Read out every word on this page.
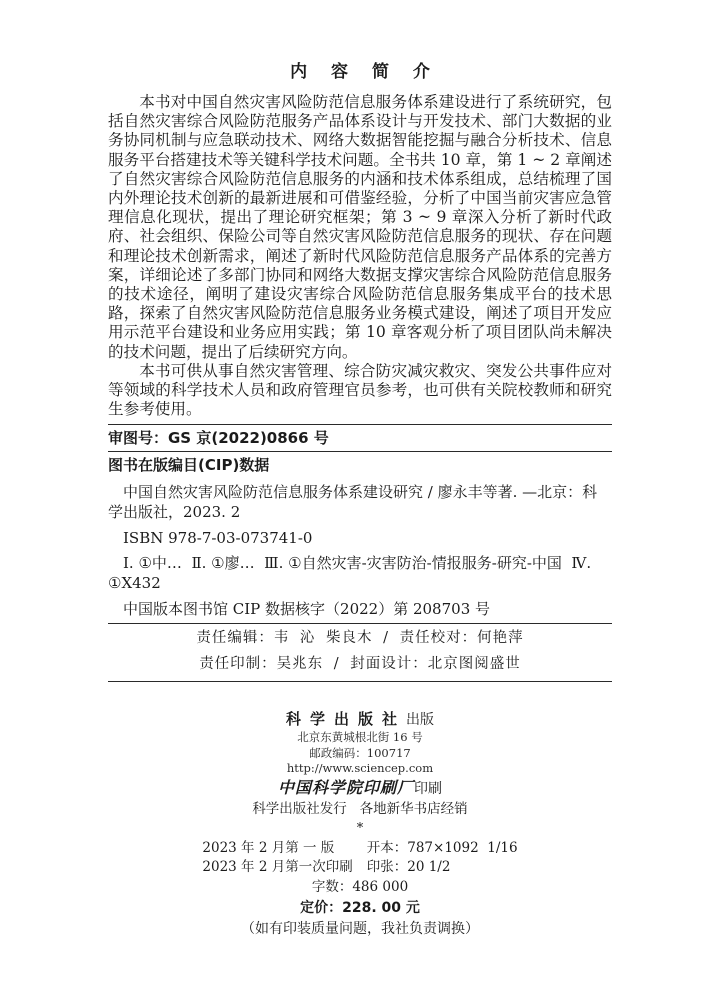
内 容 简 介

本书对中国自然灾害风险防范信息服务体系建设进行了系统研究，包括自然灾害综合风险防范服务产品体系设计与开发技术、部门大数据的业务协同机制与应急联动技术、网络大数据智能挖掘与融合分析技术、信息服务平台搭建技术等关键科学技术问题。全书共 10 章，第 1 ~ 2 章阐述了自然灾害综合风险防范信息服务的内涵和技术体系组成，总结梳理了国内外理论技术创新的最新进展和可借鉴经验，分析了中国当前灾害应急管理信息化现状，提出了理论研究框架；第 3 ~ 9 章深入分析了新时代政府、社会组织、保险公司等自然灾害风险防范信息服务的现状、存在问题和理论技术创新需求，阐述了新时代风险防范信息服务产品体系的完善方案，详细论述了多部门协同和网络大数据支撑灾害综合风险防范信息服务的技术途径，阐明了建设灾害综合风险防范信息服务集成平台的技术思路，探索了自然灾害风险防范信息服务业务模式建设，阐述了项目开发应用示范平台建设和业务应用实践；第 10 章客观分析了项目团队尚未解决的技术问题，提出了后续研究方向。

本书可供从事自然灾害管理、综合防灾减灾救灾、突发公共事件应对等领域的科学技术人员和政府管理官员参考，也可供有关院校教师和研究生参考使用。

审图号：GS 京(2022)0866 号
图书在版编目(CIP)数据
中国自然灾害风险防范信息服务体系建设研究 / 廖永丰等著. —北京：科学出版社，2023. 2
ISBN 978-7-03-073741-0
Ⅰ. ①中…  Ⅱ. ①廖…  Ⅲ. ①自然灾害-灾害防治-情报服务-研究-中国  Ⅳ. ①X432
中国版本图书馆 CIP 数据核字（2022）第 208703 号
责任编辑：韦 沁 柴良木 / 责任校对：何艳萍
责任印制：吴兆东 / 封面设计：北京图阅盛世
科学出版社出版
北京东黄城根北街 16 号
邮政编码：100717
http://www.sciencep.com
中国科学院印刷厂印刷
科学出版社发行   各地新华书店经销
*
2023 年 2 月第 一 版	开本：787×1092  1/16
2023 年 2 月第一次印刷 印张：20 1/2
字数：486 000
定价：228. 00 元
（如有印装质量问题，我社负责调换）
